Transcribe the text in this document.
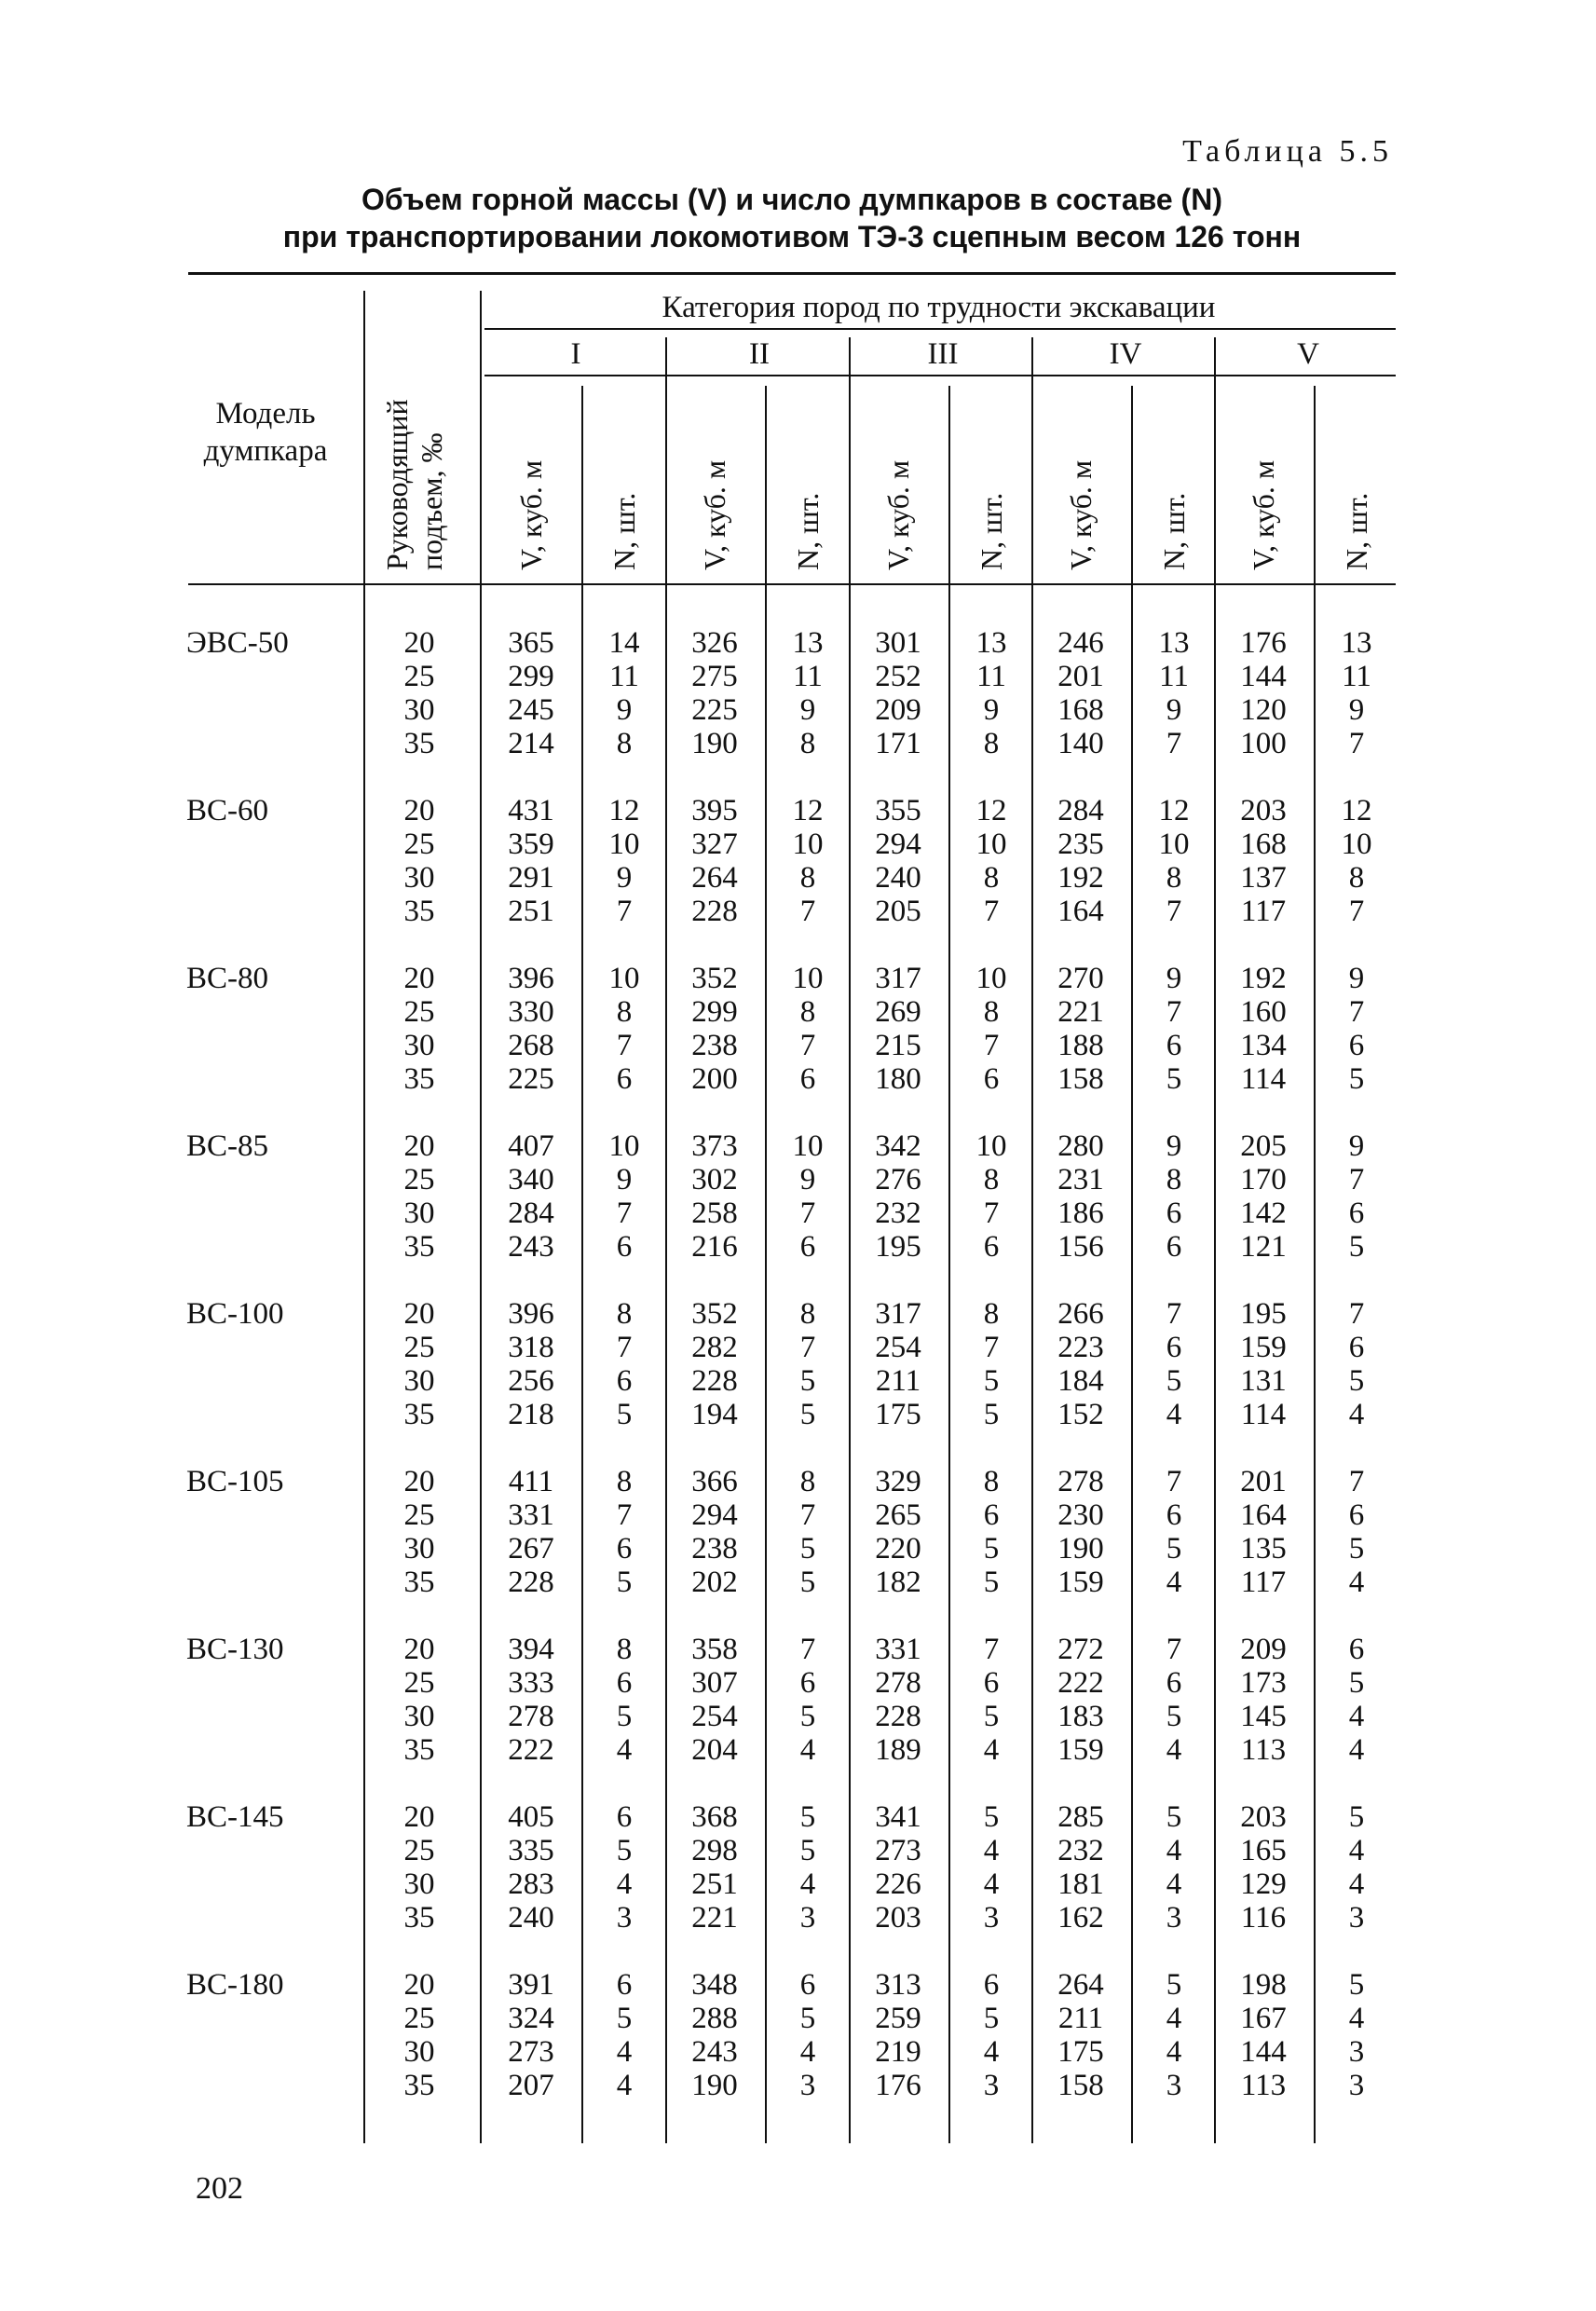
Таблица 5.5
Объем горной массы (V) и число думпкаров в составе (N)
при транспортировании локомотивом ТЭ-3 сцепным весом 126 тонн
Модель думпкара	Руководящий подъем, ‰
Категория пород по трудности экскавации
I	II	III	IV	V
V, куб. м N, шт. V, куб. м N, шт. V, куб. м N, шт. V, куб. м N, шт. V, куб. м N, шт.
ЭВС-50	20	365	14	326	13	301	13	246	13	176	13
25	299	11	275	11	252	11	201	11	144	11
30	245	9	225	9	209	9	168	9	120	9
35	214	8	190	8	171	8	140	7	100	7
ВС-60	20	431	12	395	12	355	12	284	12	203	12
25	359	10	327	10	294	10	235	10	168	10
30	291	9	264	8	240	8	192	8	137	8
35	251	7	228	7	205	7	164	7	117	7
ВС-80	20	396	10	352	10	317	10	270	9	192	9
25	330	8	299	8	269	8	221	7	160	7
30	268	7	238	7	215	7	188	6	134	6
35	225	6	200	6	180	6	158	5	114	5
ВС-85	20	407	10	373	10	342	10	280	9	205	9
25	340	9	302	9	276	8	231	8	170	7
30	284	7	258	7	232	7	186	6	142	6
35	243	6	216	6	195	6	156	6	121	5
ВС-100	20	396	8	352	8	317	8	266	7	195	7
25	318	7	282	7	254	7	223	6	159	6
30	256	6	228	5	211	5	184	5	131	5
35	218	5	194	5	175	5	152	4	114	4
ВС-105	20	411	8	366	8	329	8	278	7	201	7
25	331	7	294	7	265	6	230	6	164	6
30	267	6	238	5	220	5	190	5	135	5
35	228	5	202	5	182	5	159	4	117	4
ВС-130	20	394	8	358	7	331	7	272	7	209	6
25	333	6	307	6	278	6	222	6	173	5
30	278	5	254	5	228	5	183	5	145	4
35	222	4	204	4	189	4	159	4	113	4
ВС-145	20	405	6	368	5	341	5	285	5	203	5
25	335	5	298	5	273	4	232	4	165	4
30	283	4	251	4	226	4	181	4	129	4
35	240	3	221	3	203	3	162	3	116	3
ВС-180	20	391	6	348	6	313	6	264	5	198	5
25	324	5	288	5	259	5	211	4	167	4
30	273	4	243	4	219	4	175	4	144	3
35	207	4	190	3	176	3	158	3	113	3
202
